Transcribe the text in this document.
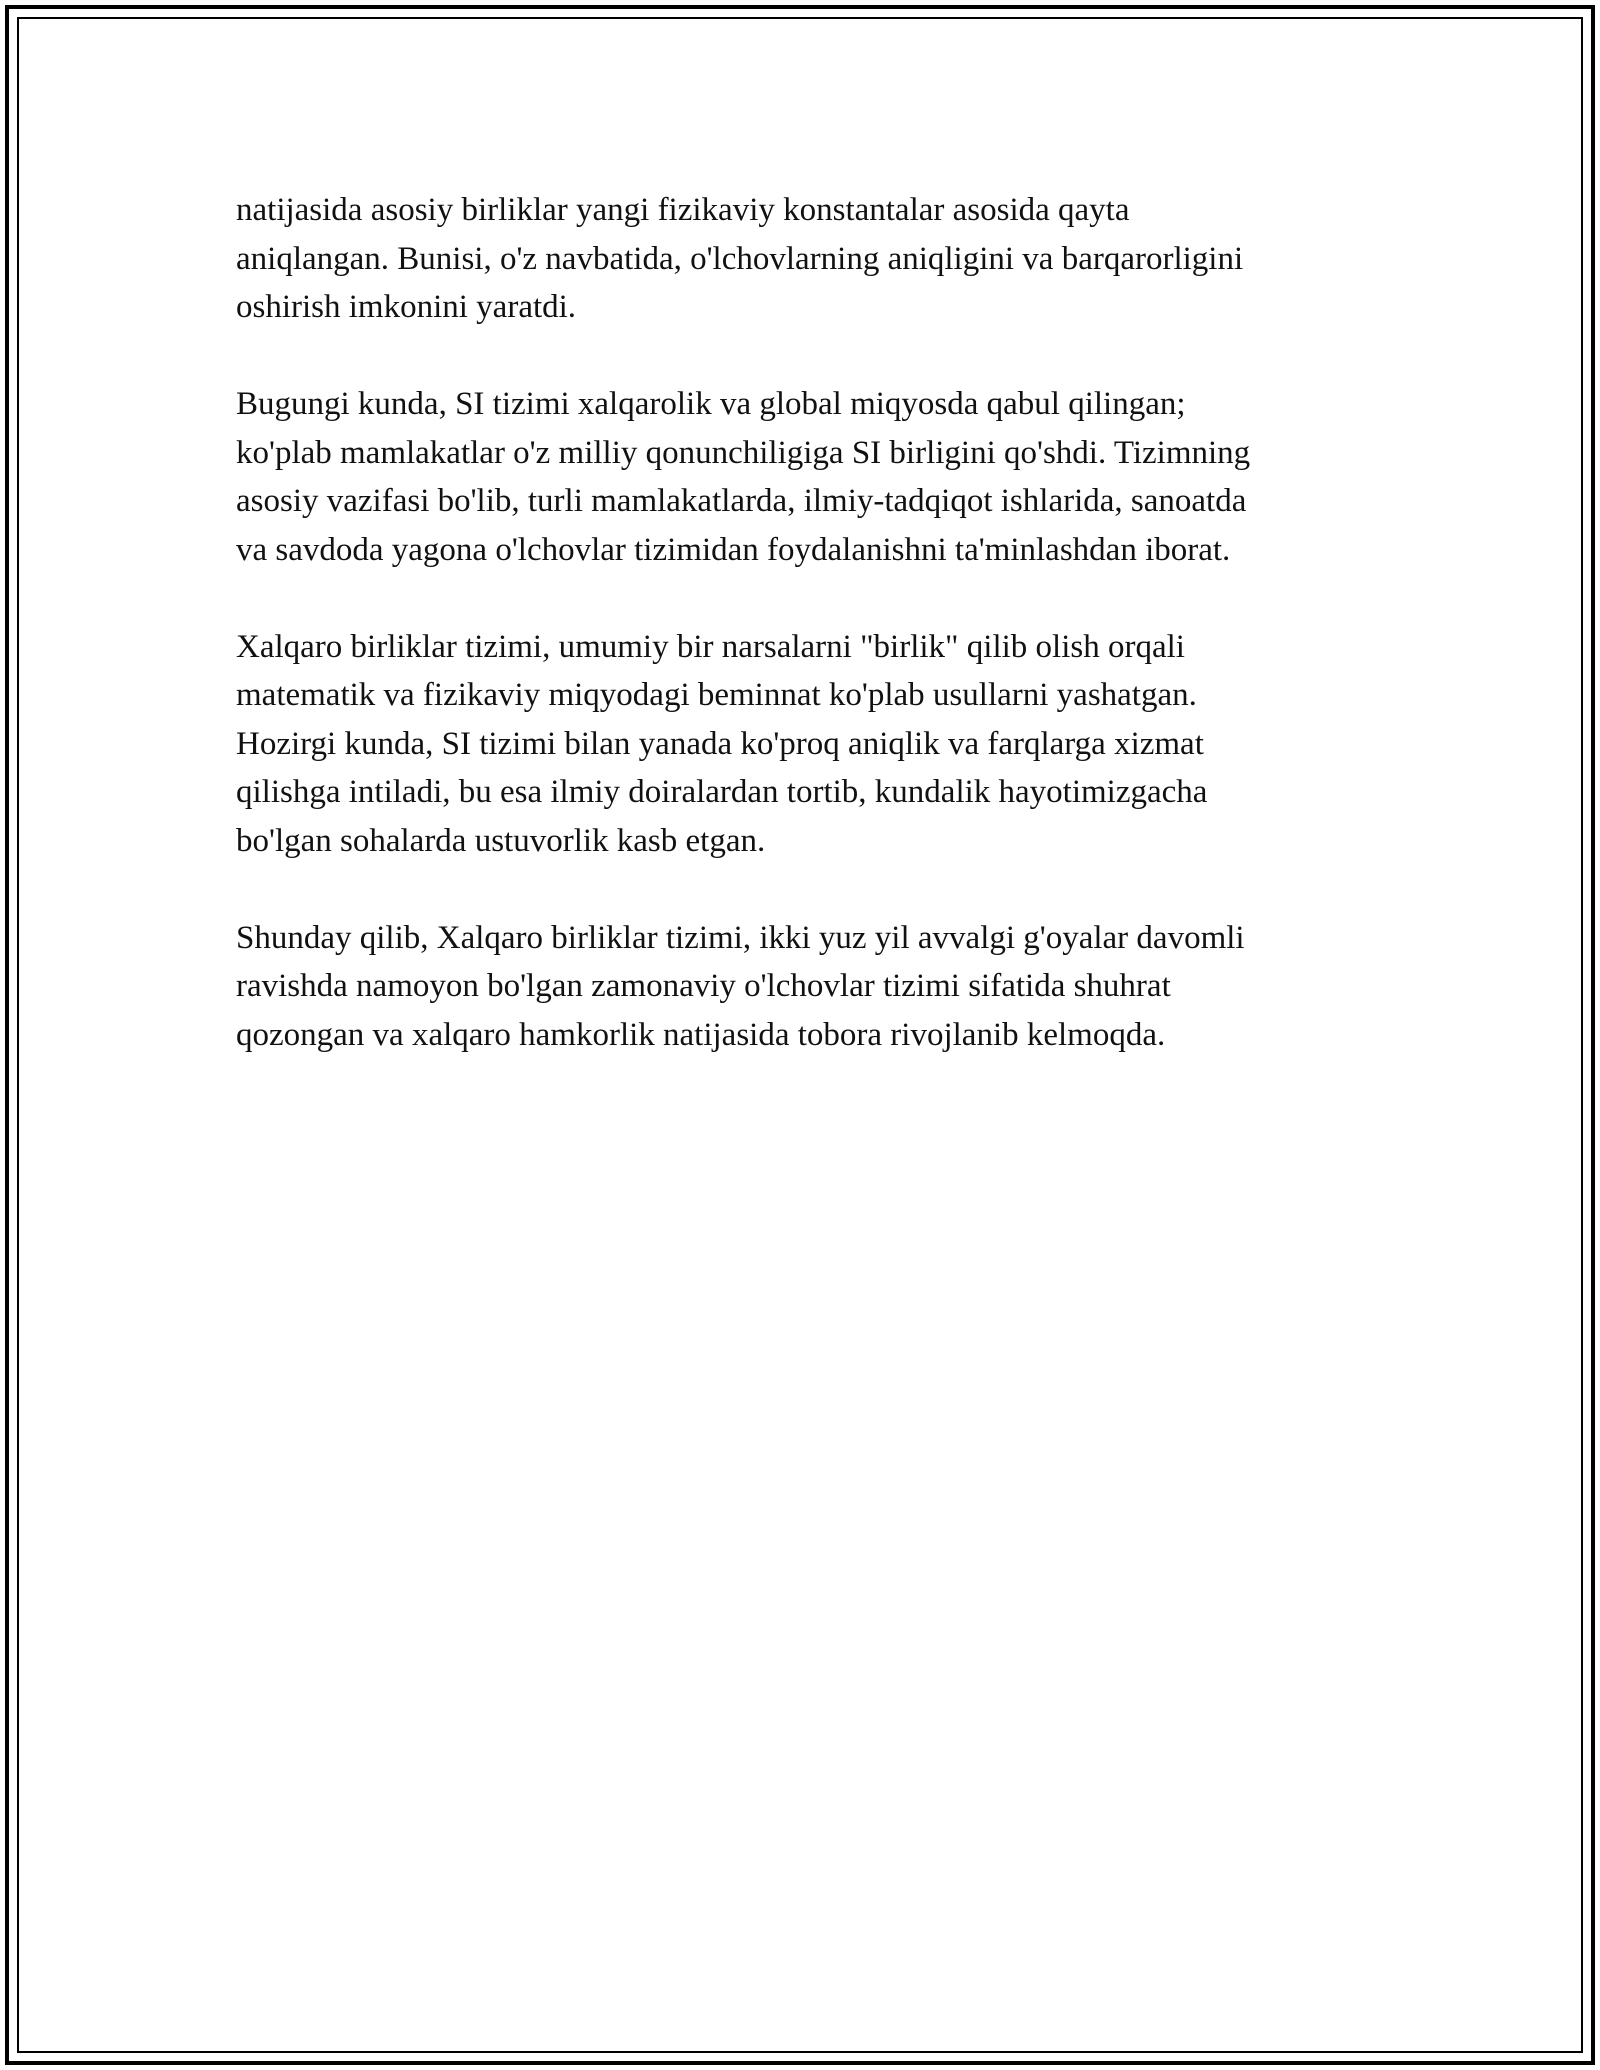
natijasida asosiy birliklar yangi fizikaviy konstantalar asosida qayta
aniqlangan. Bunisi, o'z navbatida, o'lchovlarning aniqligini va barqarorligini
oshirish imkonini yaratdi.

Bugungi kunda, SI tizimi xalqarolik va global miqyosda qabul qilingan;
ko'plab mamlakatlar o'z milliy qonunchiligiga SI birligini qo'shdi. Tizimning
asosiy vazifasi bo'lib, turli mamlakatlarda, ilmiy-tadqiqot ishlarida, sanoatda
va savdoda yagona o'lchovlar tizimidan foydalanishni ta'minlashdan iborat.

Xalqaro birliklar tizimi, umumiy bir narsalarni "birlik" qilib olish orqali
matematik va fizikaviy miqyodagi beminnat ko'plab usullarni yashatgan.
Hozirgi kunda, SI tizimi bilan yanada ko'proq aniqlik va farqlarga xizmat
qilishga intiladi, bu esa ilmiy doiralardan tortib, kundalik hayotimizgacha
bo'lgan sohalarda ustuvorlik kasb etgan.

Shunday qilib, Xalqaro birliklar tizimi, ikki yuz yil avvalgi g'oyalar davomli
ravishda namoyon bo'lgan zamonaviy o'lchovlar tizimi sifatida shuhrat
qozongan va xalqaro hamkorlik natijasida tobora rivojlanib kelmoqda.
